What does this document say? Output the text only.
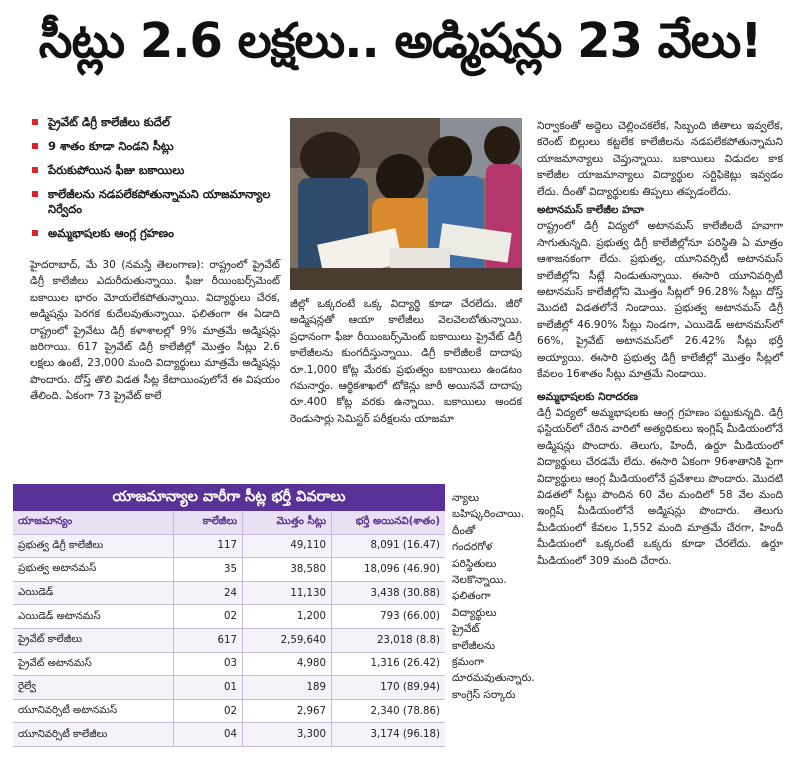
సీట్లు 2.6 లక్షలు.. అడ్మిషన్లు 23 వేలు!
ప్రైవేట్ డిగ్రీ కాలేజీలు కుదేల్
9 శాతం కూడా నిండని సీట్లు
పేరుకుపోయిన ఫీజు బకాయిలు
కాలేజీలను నడపలేకపోతున్నామని యాజమాన్యాల నిర్వేదం
అమ్మభాషలకు ఆంగ్ల గ్రహణం
హైదరాబాద్, మే 30 (నమస్తే తెలంగాణ): రాష్ట్రంలో ప్రైవేట్ డిగ్రీ కాలేజీలు ఎదురీదుతున్నాయి. ఫీజు రీయింబర్స్‌మెంట్ బకాయిల భారం మోయలేకపోతున్నాయి. విద్యార్థులు చేరక, అడ్మిషన్లు పెరగక కుదేలవుతున్నాయి. ఫలితంగా ఈ ఏడాది రాష్ట్రంలో ప్రైవేటు డిగ్రీ కళాశాలల్లో 9% మాత్రమే అడ్మిషన్లు జరిగాయి. 617 ప్రైవేట్ డిగ్రీ కాలేజీల్లో మొత్తం సీట్లు 2.6 లక్షలు ఉంటే, 23,000 మంది విద్యార్థులు మాత్రమే అడ్మిషన్లు పొందారు. దోస్త్ తొలి విడత సీట్ల కేటాయింపులోనే ఈ విషయం తేలింది. ఏకంగా 73 ప్రైవేట్ కాలే
జీల్లో ఒక్కరంటే ఒక్క విద్యార్థి కూడా చేరలేదు. జీరో అడ్మిషన్లతో ఆయా కాలేజీలు వెలవెలబోతున్నాయి. ప్రధానంగా ఫీజు రీయింబర్స్‌మెంట్ బకాయిలు ప్రైవేట్ డిగ్రీ కాలేజీలను కుంగదీస్తున్నాయి. డిగ్రీ కాలేజీలకే దాదాపు రూ.1,000 కోట్ల మేరకు ప్రభుత్వం బకాయిలు ఉండటం గమనార్హం. ఆర్థికశాఖలో టోకెన్లు జారీ అయినవే దాదాపు రూ.400 కోట్ల వరకు ఉన్నాయి. బకాయిలు అందక రెండుసార్లు సెమిస్టర్ పరీక్షలను యాజమా
న్యాలు బహిష్కరించాయి. దీంతో గందరగోళ పరిస్థితులు నెలకొన్నాయి. ఫలితంగా విద్యార్థులు ప్రైవేట్ కాలేజీలను క్రమంగా దూరమవుతున్నారు. కాంగ్రెస్ సర్కారు
నిర్వాకంతో అద్దెలు చెల్లించకలేక, సిబ్బంది జీతాలు ఇవ్వలేక, కరెంట్ బిల్లులు కట్టలేక కాలేజీలను నడపలేకపోతున్నామని యాజమాన్యాలు చెప్తున్నాయి. బకాయిలు విడుదల కాక కాలేజీల యాజమాన్యాలు విద్యార్థుల సర్టిఫికెట్లు ఇవ్వడం లేదు. దీంతో విద్యార్థులకు తిప్పలు తప్పడంలేదు.
అటానమస్ కాలేజీల హవా
రాష్ట్రంలో డిగ్రీ విద్యలో అటానమస్ కాలేజీలదే హవాగా సాగుతున్నది. ప్రభుత్వ డిగ్రీ కాలేజీల్లోనూ పరిస్థితి ఏ మాత్రం ఆశాజనకంగా లేదు. ప్రభుత్వ, యూనివర్సిటీ అటానమస్ కాలేజీల్లోని సీట్లే నిండుతున్నాయి. ఈసారి యూనివర్సిటీ అటానమస్ కాలేజీల్లోని మొత్తం సీట్లలో 96.28% సీట్లు దోస్త్ మొదటి విడతలోనే నిండాయి. ప్రభుత్వ అటానమస్ డిగ్రీ కాలేజీల్లో 46.90% సీట్లు నిండగా, ఎయిడెడ్ అటానమస్‌లో 66%, ప్రైవేట్ అటానమస్‌లో 26.42% సీట్లు భర్తీ అయ్యాయి. ఈసారి ప్రభుత్వ డిగ్రీ కాలేజీల్లో మొత్తం సీట్లలో కేవలం 16శాతం సీట్లు మాత్రమే నిండాయి.
అమ్మభాషలకు నిరాదరణ
డిగ్రీ విద్యలో అమ్మభాషలకు ఆంగ్ల గ్రహణం పట్టుకున్నది. డిగ్రీ ఫస్టియర్‌లో చేరిన వారిలో అత్యధికులు ఇంగ్లిష్ మీడియంలోనే అడ్మిషన్లు పొందారు. తెలుగు, హిందీ, ఉర్దూ మీడియంలో విద్యార్థులు చేరడమే లేదు. ఈసారి ఏకంగా 96శాతానికి పైగా విద్యార్థులు ఆంగ్ల మీడియంలోనే ప్రవేశాలు పొందారు. మొదటి విడతలో సీట్లు పొందిన 60 వేల మందిలో 58 వేల మంది ఇంగ్లిష్ మీడియంలోనే అడ్మిషన్లు పొందారు. తెలుగు మీడియంలో కేవలం 1,552 మంది మాత్రమే చేరగా, హిందీ మీడియంలో ఒక్కరంటే ఒక్కరు కూడా చేరలేదు. ఉర్దూ మీడియంలో 309 మంది చేరారు.
యాజమాన్యాల వారీగా సీట్ల భర్తీ వివరాలు
యాజమాన్యం	కాలేజీలు	మొత్తం సీట్లు	భర్తీ అయినవి(శాతం)
ప్రభుత్వ డిగ్రీ కాలేజీలు	117	49,110	8,091 (16.47)
ప్రభుత్వ అటానమస్	35	38,580	18,096 (46.90)
ఎయిడెడ్	24	11,130	3,438 (30.88)
ఎయిడెడ్ అటానమస్	02	1,200	793 (66.00)
ప్రైవేట్ కాలేజీలు	617	2,59,640	23,018 (8.8)
ప్రైవేట్ అటానమస్	03	4,980	1,316 (26.42)
రైల్వే	01	189	170 (89.94)
యూనివర్సిటీ అటానమస్	02	2,967	2,340 (78.86)
యూనివర్సిటీ కాలేజీలు	04	3,300	3,174 (96.18)
